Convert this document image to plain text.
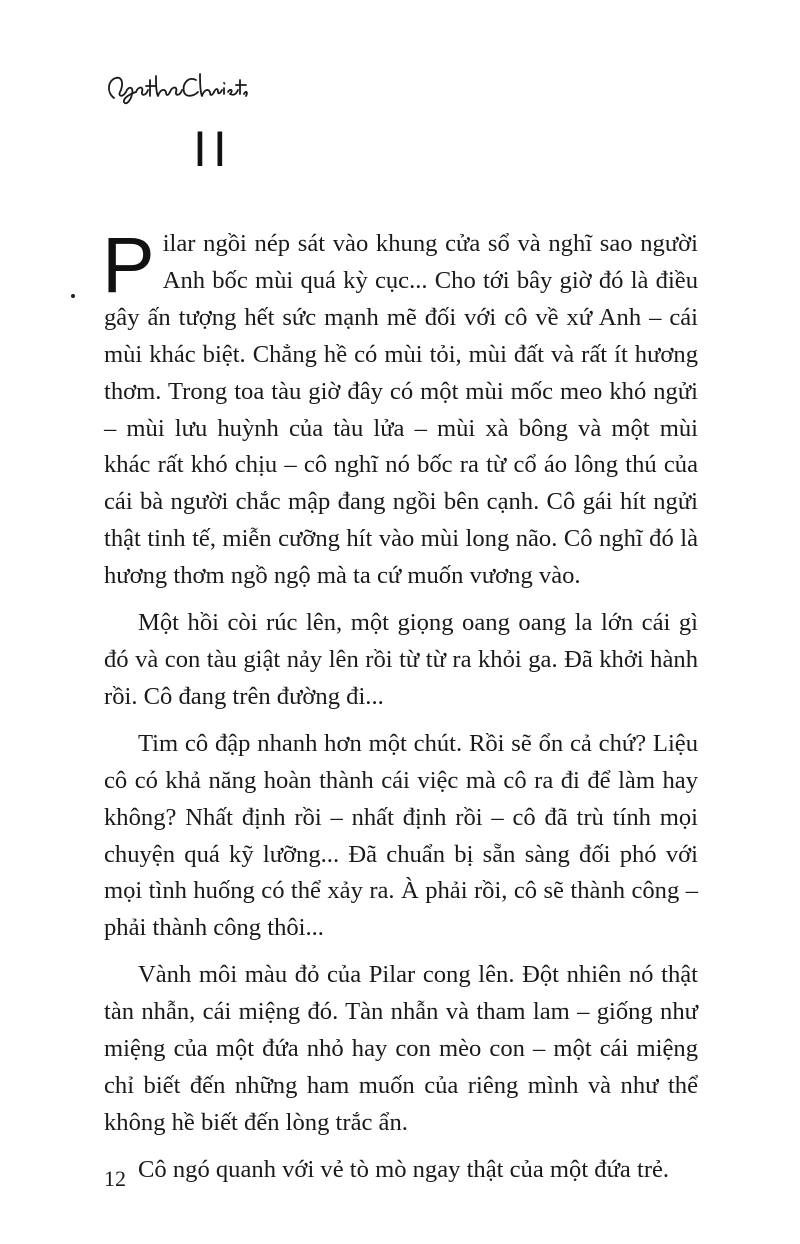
II

Pilar ngồi nép sát vào khung cửa sổ và nghĩ sao người Anh bốc mùi quá kỳ cục... Cho tới bây giờ đó là điều gây ấn tượng hết sức mạnh mẽ đối với cô về xứ Anh – cái mùi khác biệt. Chẳng hề có mùi tỏi, mùi đất và rất ít hương thơm. Trong toa tàu giờ đây có một mùi mốc meo khó ngửi – mùi lưu huỳnh của tàu lửa – mùi xà bông và một mùi khác rất khó chịu – cô nghĩ nó bốc ra từ cổ áo lông thú của cái bà người chắc mập đang ngồi bên cạnh. Cô gái hít ngửi thật tinh tế, miễn cưỡng hít vào mùi long não. Cô nghĩ đó là hương thơm ngồ ngộ mà ta cứ muốn vương vào.

Một hồi còi rúc lên, một giọng oang oang la lớn cái gì đó và con tàu giật nảy lên rồi từ từ ra khỏi ga. Đã khởi hành rồi. Cô đang trên đường đi...

Tim cô đập nhanh hơn một chút. Rồi sẽ ổn cả chứ? Liệu cô có khả năng hoàn thành cái việc mà cô ra đi để làm hay không? Nhất định rồi – nhất định rồi – cô đã trù tính mọi chuyện quá kỹ lưỡng... Đã chuẩn bị sẵn sàng đối phó với mọi tình huống có thể xảy ra. À phải rồi, cô sẽ thành công – phải thành công thôi...

Vành môi màu đỏ của Pilar cong lên. Đột nhiên nó thật tàn nhẫn, cái miệng đó. Tàn nhẫn và tham lam – giống như miệng của một đứa nhỏ hay con mèo con – một cái miệng chỉ biết đến những ham muốn của riêng mình và như thể không hề biết đến lòng trắc ẩn.

Cô ngó quanh với vẻ tò mò ngay thật của một đứa trẻ.

12
